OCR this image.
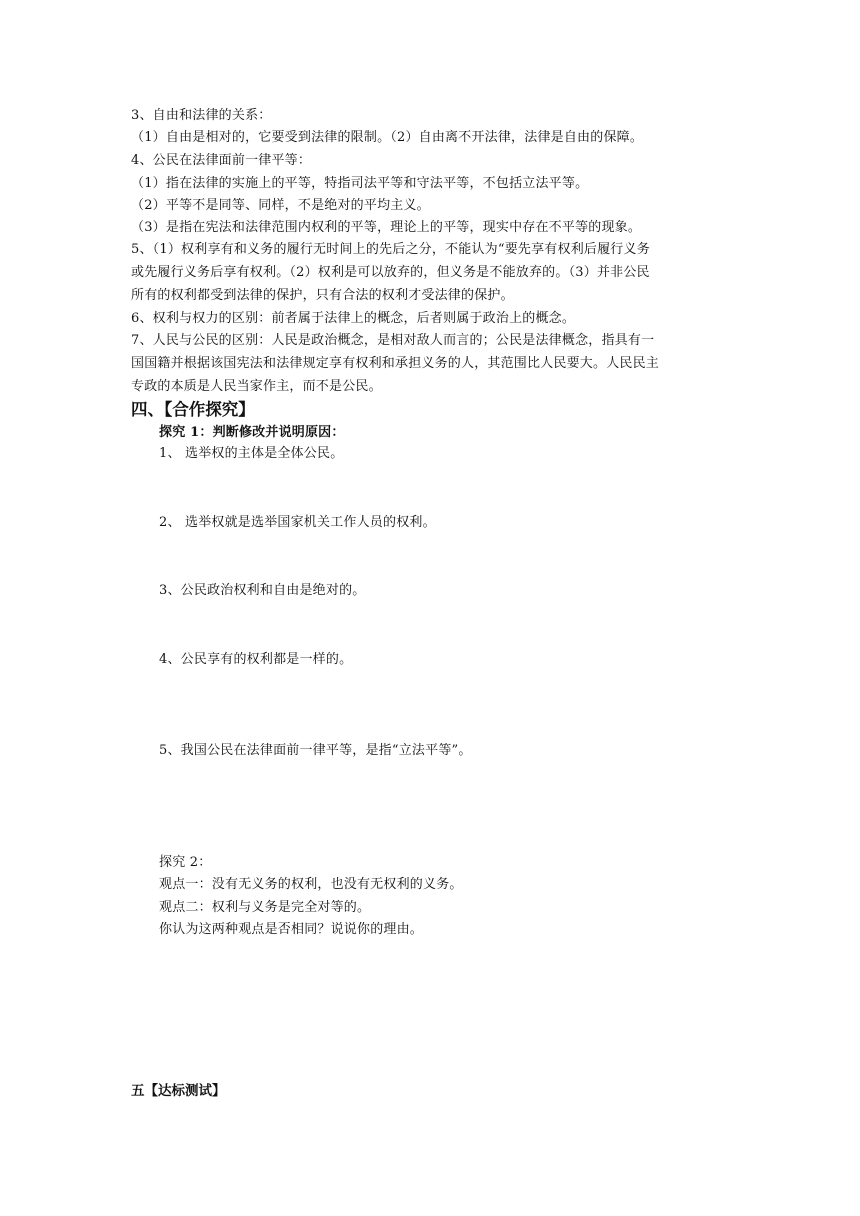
3、自由和法律的关系：
（1）自由是相对的，它要受到法律的限制。（2）自由离不开法律，法律是自由的保障。
4、公民在法律面前一律平等：
（1）指在法律的实施上的平等，特指司法平等和守法平等，不包括立法平等。
（2）平等不是同等、同样，不是绝对的平均主义。
（3）是指在宪法和法律范围内权利的平等，理论上的平等，现实中存在不平等的现象。
5、（1）权利享有和义务的履行无时间上的先后之分，不能认为“要先享有权利后履行义务
或先履行义务后享有权利。（2）权利是可以放弃的，但义务是不能放弃的。（3）并非公民
所有的权利都受到法律的保护，只有合法的权利才受法律的保护。
6、权利与权力的区别：前者属于法律上的概念，后者则属于政治上的概念。
7、人民与公民的区别：人民是政治概念，是相对敌人而言的；公民是法律概念，指具有一
国国籍并根据该国宪法和法律规定享有权利和承担义务的人，其范围比人民要大。人民民主
专政的本质是人民当家作主，而不是公民。
四、【合作探究】
探究 1：判断修改并说明原因：
1、 选举权的主体是全体公民。
2、 选举权就是选举国家机关工作人员的权利。
3、公民政治权利和自由是绝对的。
4、公民享有的权利都是一样的。
5、我国公民在法律面前一律平等，是指“立法平等”。
探究 2：
观点一：没有无义务的权利，也没有无权利的义务。
观点二：权利与义务是完全对等的。
你认为这两种观点是否相同？说说你的理由。
五【达标测试】
